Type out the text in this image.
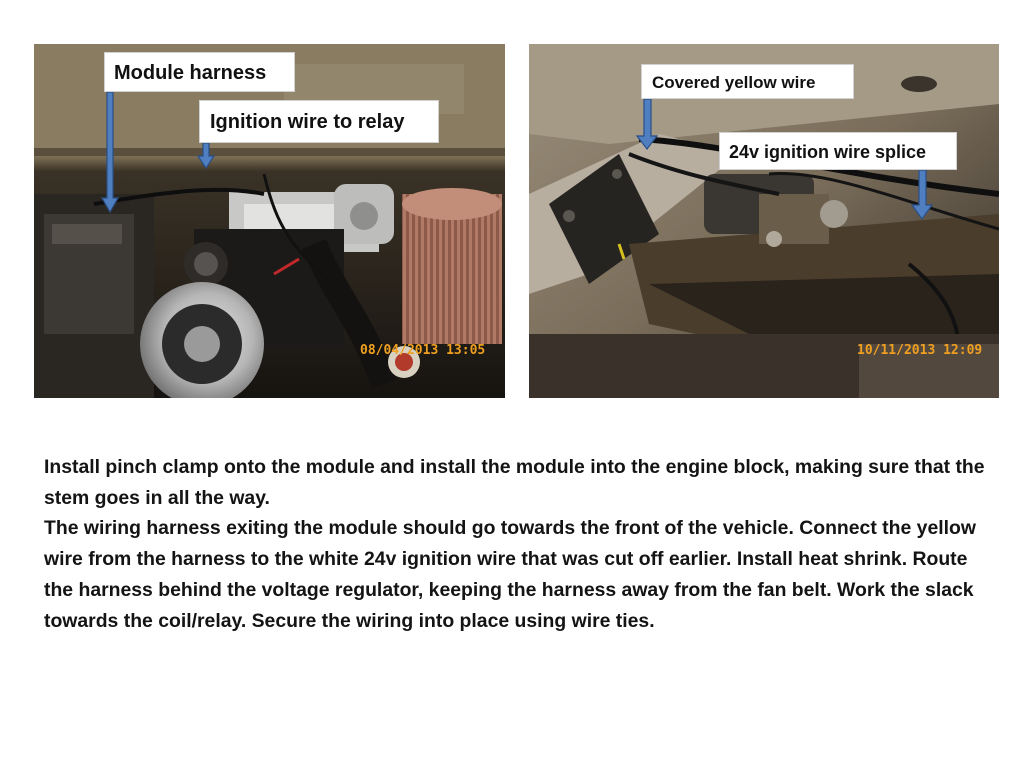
08/04/2013 13:05	10/11/2013 12:09
Module harness
Ignition wire to relay
Covered yellow wire
24v ignition wire splice

Install pinch clamp onto the module and install the module into the engine block, making sure that the stem goes in all the way.

The wiring harness exiting the module should go towards the front of the vehicle. Connect the yellow wire from the harness to the white 24v ignition wire that was cut off earlier. Install heat shrink. Route the harness behind the voltage regulator, keeping the harness away from the fan belt. Work the slack towards the coil/relay. Secure the wiring into place using wire ties.
